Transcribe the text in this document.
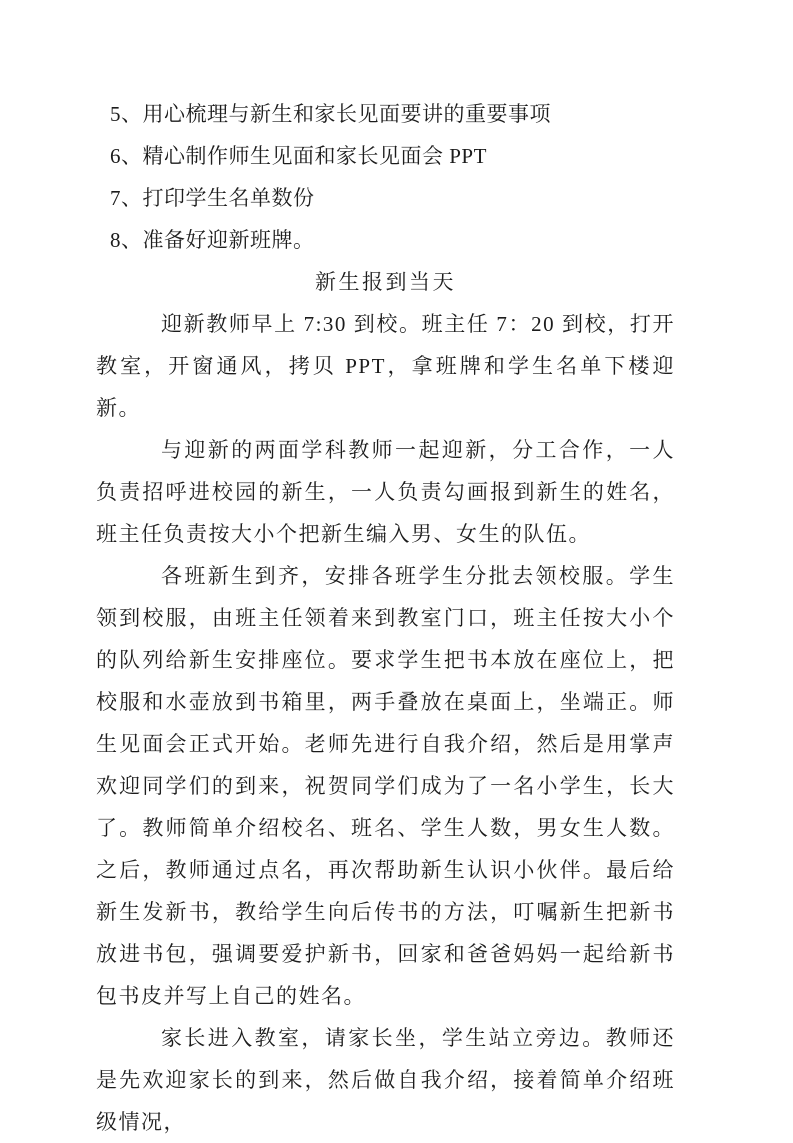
5、用心梳理与新生和家长见面要讲的重要事项

6、精心制作师生见面和家长见面会 PPT

7、打印学生名单数份

8、准备好迎新班牌。

新生报到当天

迎新教师早上 7:30 到校。班主任 7：20 到校，打开教室，开窗通风，拷贝 PPT，拿班牌和学生名单下楼迎新。

与迎新的两面学科教师一起迎新，分工合作，一人负责招呼进校园的新生，一人负责勾画报到新生的姓名，班主任负责按大小个把新生编入男、女生的队伍。

各班新生到齐，安排各班学生分批去领校服。学生领到校服，由班主任领着来到教室门口，班主任按大小个的队列给新生安排座位。要求学生把书本放在座位上，把校服和水壶放到书箱里，两手叠放在桌面上，坐端正。师生见面会正式开始。老师先进行自我介绍，然后是用掌声欢迎同学们的到来，祝贺同学们成为了一名小学生，长大了。教师简单介绍校名、班名、学生人数，男女生人数。之后，教师通过点名，再次帮助新生认识小伙伴。最后给新生发新书，教给学生向后传书的方法，叮嘱新生把新书放进书包，强调要爱护新书，回家和爸爸妈妈一起给新书包书皮并写上自己的姓名。

家长进入教室，请家长坐，学生站立旁边。教师还是先欢迎家长的到来，然后做自我介绍，接着简单介绍班级情况，
